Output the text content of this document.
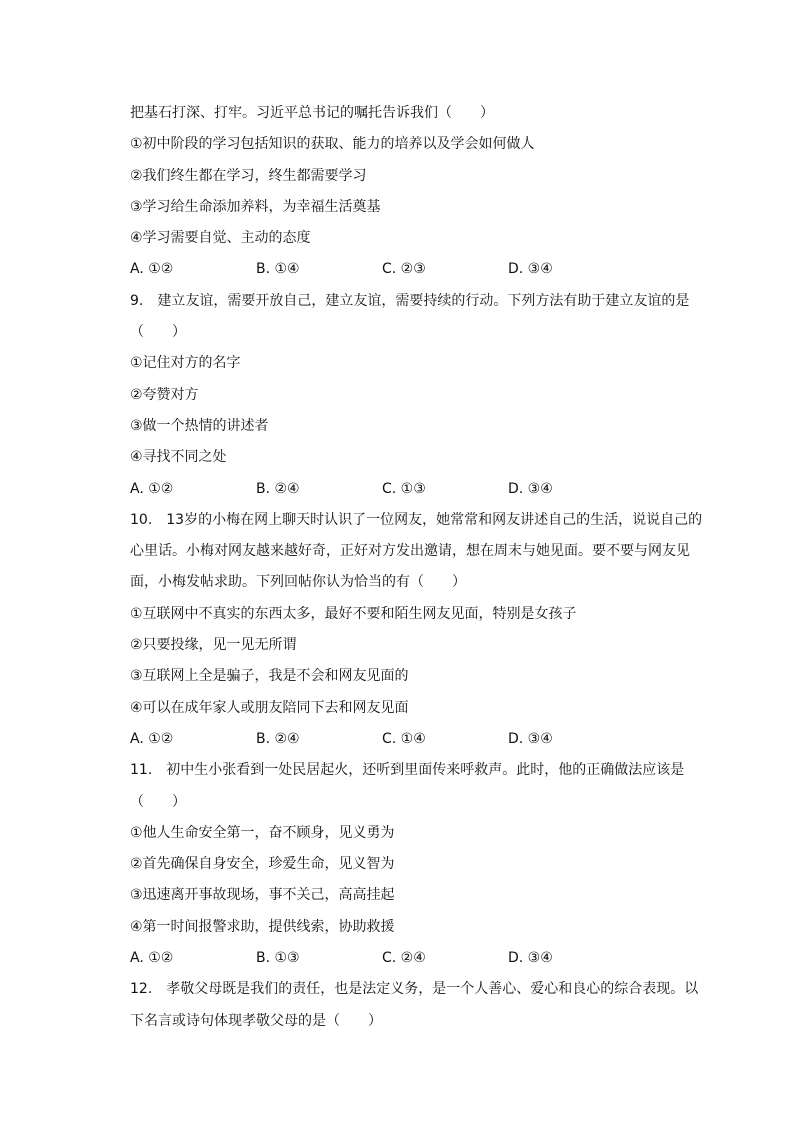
把基石打深、打牢。习近平总书记的嘱托告诉我们（　　）
①初中阶段的学习包括知识的获取、能力的培养以及学会如何做人
②我们终生都在学习，终生都需要学习
③学习给生命添加养料，为幸福生活奠基
④学习需要自觉、主动的态度
A. ①②	B. ①④	C. ②③	D. ③④
9.　建立友谊，需要开放自己，建立友谊，需要持续的行动。下列方法有助于建立友谊的是
（　　）
①记住对方的名字
②夸赞对方
③做一个热情的讲述者
④寻找不同之处
A. ①②	B. ②④	C. ①③	D. ③④
10.　13岁的小梅在网上聊天时认识了一位网友，她常常和网友讲述自己的生活，说说自己的
心里话。小梅对网友越来越好奇，正好对方发出邀请，想在周末与她见面。要不要与网友见
面，小梅发帖求助。下列回帖你认为恰当的有（　　）
①互联网中不真实的东西太多，最好不要和陌生网友见面，特别是女孩子
②只要投缘，见一见无所谓
③互联网上全是骗子，我是不会和网友见面的
④可以在成年家人或朋友陪同下去和网友见面
A. ①②	B. ②④	C. ①④	D. ③④
11.　初中生小张看到一处民居起火，还听到里面传来呼救声。此时，他的正确做法应该是
（　　）
①他人生命安全第一，奋不顾身，见义勇为
②首先确保自身安全，珍爱生命，见义智为
③迅速离开事故现场，事不关己，高高挂起
④第一时间报警求助，提供线索，协助救援
A. ①②	B. ①③	C. ②④	D. ③④
12.　孝敬父母既是我们的责任，也是法定义务，是一个人善心、爱心和良心的综合表现。以
下名言或诗句体现孝敬父母的是（　　）
